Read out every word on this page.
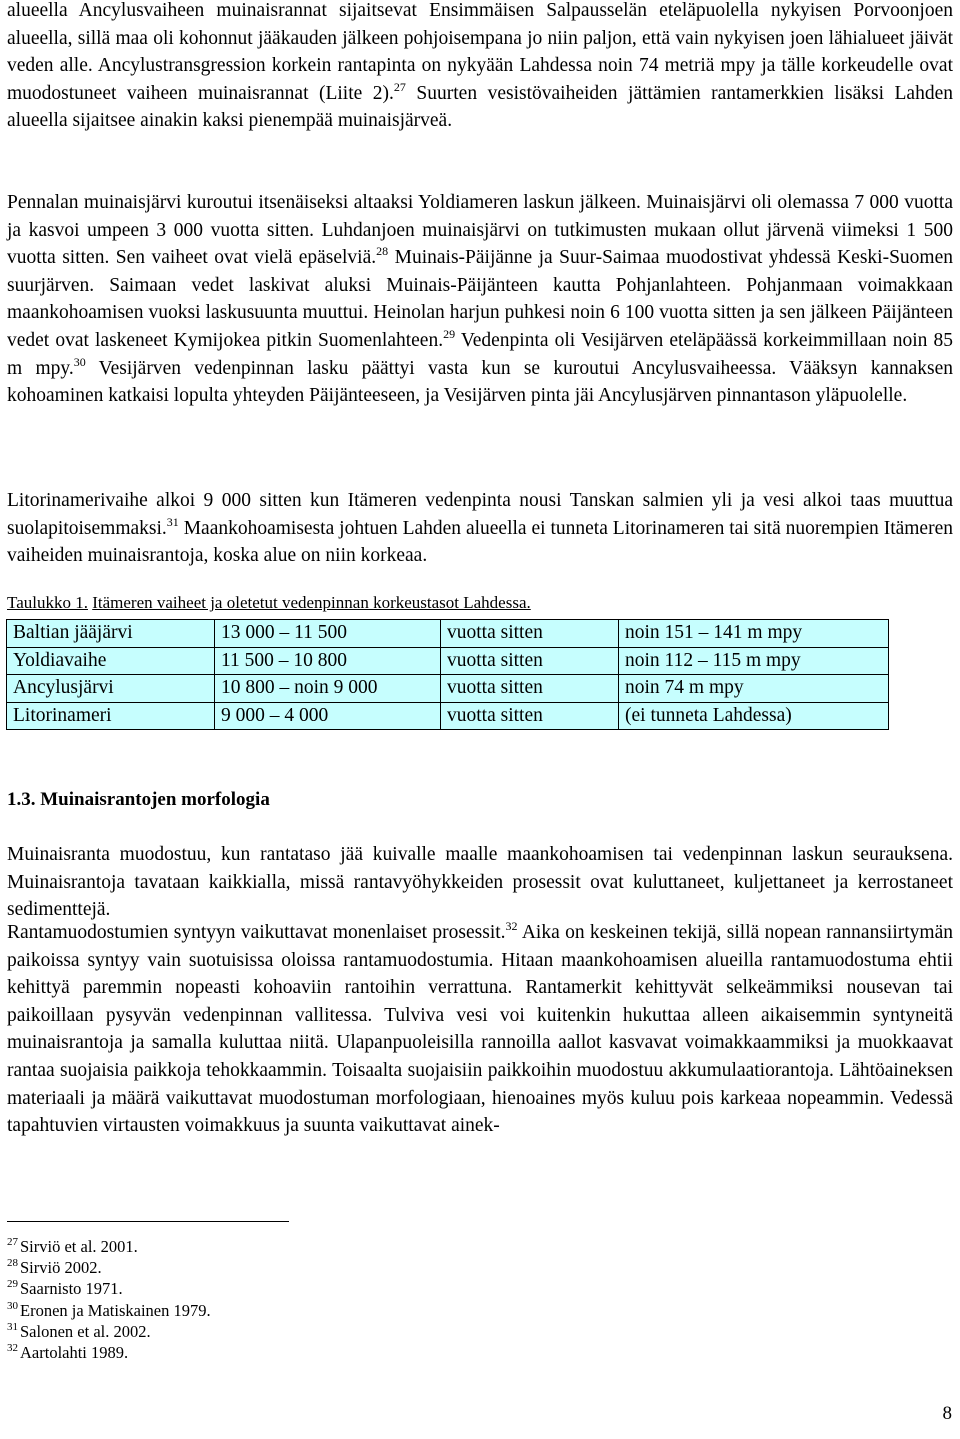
alueella Ancylusvaiheen muinaisrannat sijaitsevat Ensimmäisen Salpausselän eteläpuolella nykyisen Porvoonjoen alueella, sillä maa oli kohonnut jääkauden jälkeen pohjoisempana jo niin paljon, että vain nykyisen joen lähialueet jäivät veden alle. Ancylustransgression korkein rantapinta on nykyään Lahdessa noin 74 metriä mpy ja tälle korkeudelle ovat muodostuneet vaiheen muinaisrannat (Liite 2).$^{27}$ Suurten vesistövaiheiden jättämien rantamerkkien lisäksi Lahden alueella sijaitsee ainakin kaksi pienempää muinaisjärveä.

Pennalan muinaisjärvi kuroutui itsenäiseksi altaaksi Yoldiameren laskun jälkeen. Muinaisjärvi oli olemassa 7 000 vuotta ja kasvoi umpeen 3 000 vuotta sitten. Luhdanjoen muinaisjärvi on tutkimusten mukaan ollut järvenä viimeksi 1 500 vuotta sitten. Sen vaiheet ovat vielä epäselviä.$^{28}$ Muinais-Päijänne ja Suur-Saimaa muodostivat yhdessä Keski-Suomen suurjärven. Saimaan vedet laskivat aluksi Muinais-Päijänteen kautta Pohjanlahteen. Pohjanmaan voimakkaan maankohoamisen vuoksi laskusuunta muuttui. Heinolan harjun puhkesi noin 6 100 vuotta sitten ja sen jälkeen Päijänteen vedet ovat laskeneet Kymijokea pitkin Suomenlahteen.$^{29}$ Vedenpinta oli Vesijärven eteläpäässä korkeimmillaan noin 85 m mpy.$^{30}$ Vesijärven vedenpinnan lasku päättyi vasta kun se kuroutui Ancylusvaiheessa. Vääksyn kannaksen kohoaminen katkaisi lopulta yhteyden Päijänteeseen, ja Vesijärven pinta jäi Ancylusjärven pinnantason yläpuolelle.

Litorinamerivaihe alkoi 9 000 sitten kun Itämeren vedenpinta nousi Tanskan salmien yli ja vesi alkoi taas muuttua suolapitoisemmaksi.$^{31}$ Maankohoamisesta johtuen Lahden alueella ei tunneta Litorinameren tai sitä nuorempien Itämeren vaiheiden muinaisrantoja, koska alue on niin korkeaa.

Taulukko 1. Itämeren vaiheet ja oletetut vedenpinnan korkeustasot Lahdessa.

Baltian jääjärvi	13 000 – 11 500	vuotta sitten	noin 151 – 141 m mpy
Yoldiavaihe	11 500 – 10 800	vuotta sitten	noin 112 – 115 m mpy
Ancylusjärvi	10 800 – noin 9 000	vuotta sitten	noin 74 m mpy
Litorinameri	9 000 – 4 000	vuotta sitten	(ei tunneta Lahdessa)
1.3. Muinaisrantojen morfologia

Muinaisranta muodostuu, kun rantataso jää kuivalle maalle maankohoamisen tai vedenpinnan laskun seurauksena. Muinaisrantoja tavataan kaikkialla, missä rantavyöhykkeiden prosessit ovat kuluttaneet, kuljettaneet ja kerrostaneet sedimenttejä.

Rantamuodostumien syntyyn vaikuttavat monenlaiset prosessit.$^{32}$ Aika on keskeinen tekijä, sillä nopean rannansiirtymän paikoissa syntyy vain suotuisissa oloissa rantamuodostumia. Hitaan maankohoamisen alueilla rantamuodostuma ehtii kehittyä paremmin nopeasti kohoaviin rantoihin verrattuna. Rantamerkit kehittyvät selkeämmiksi nousevan tai paikoillaan pysyvän vedenpinnan vallitessa. Tulviva vesi voi kuitenkin hukuttaa alleen aikaisemmin syntyneitä muinaisrantoja ja samalla kuluttaa niitä. Ulapanpuoleisilla rannoilla aallot kasvavat voimakkaammiksi ja muokkaavat rantaa suojaisia paikkoja tehokkaammin. Toisaalta suojaisiin paikkoihin muodostuu akkumulaatiorantoja. Lähtöaineksen materiaali ja määrä vaikuttavat muodostuman morfologiaan, hienoaines myös kuluu pois karkeaa nopeammin. Vedessä tapahtuvien virtausten voimakkuus ja suunta vaikuttavat ainek-

$^{27}$ Sirviö et al. 2001.
$^{28}$ Sirviö 2002.
$^{29}$ Saarnisto 1971.
$^{30}$ Eronen ja Matiskainen 1979.
$^{31}$ Salonen et al. 2002.
$^{32}$ Aartolahti 1989.
8
